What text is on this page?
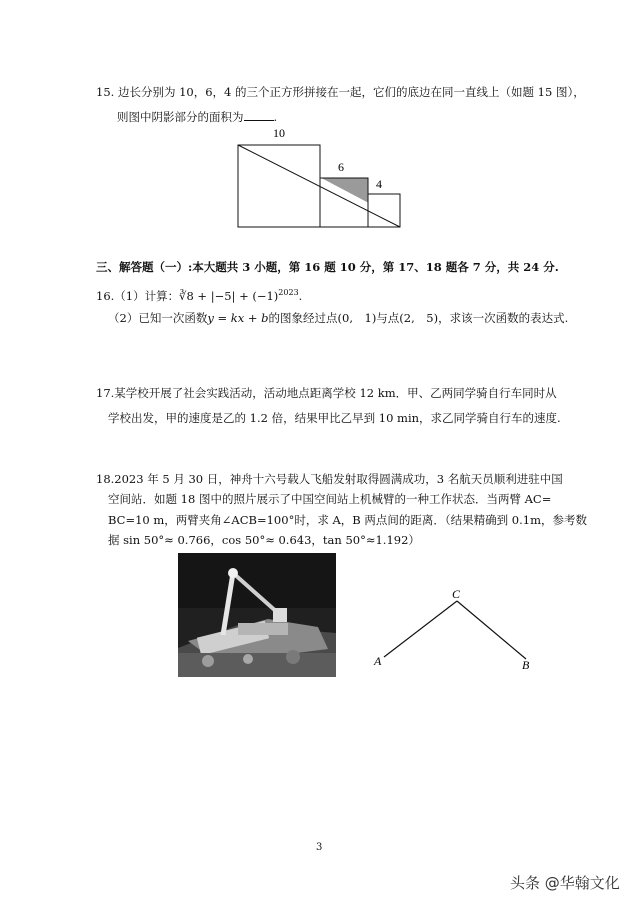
15. 边长分别为 10，6，4 的三个正方形拼接在一起，它们的底边在同一直线上（如题 15 图），
则图中阴影部分的面积为	.
10
6
4
三、解答题（一）:本大题共 3 小题，第 16 题 10 分，第 17、18 题各 7 分，共 24 分.
16.（1）计算：∛8 + $|-5| + (-1)^{2023}$.
（2）已知一次函数y = kx + b的图象经过点(0,　1)与点(2,　5)，求该一次函数的表达式.
17.某学校开展了社会实践活动，活动地点距离学校 12 km．甲、乙两同学骑自行车同时从
学校出发，甲的速度是乙的 1.2 倍，结果甲比乙早到 10 min，求乙同学骑自行车的速度.
18.2023 年 5 月 30 日，神舟十六号载人飞船发射取得圆满成功，3 名航天员顺利进驻中国
空间站．如题 18 图中的照片展示了中国空间站上机械臂的一种工作状态．当两臂 AC=
BC=10 m，两臂夹角∠ACB=100°时，求 A，B 两点间的距离．（结果精确到 0.1m，参考数
据 sin 50°≈ 0.766，cos 50°≈ 0.643，tan 50°≈1.192）
C
A	B
3
头条 @华翰文化
